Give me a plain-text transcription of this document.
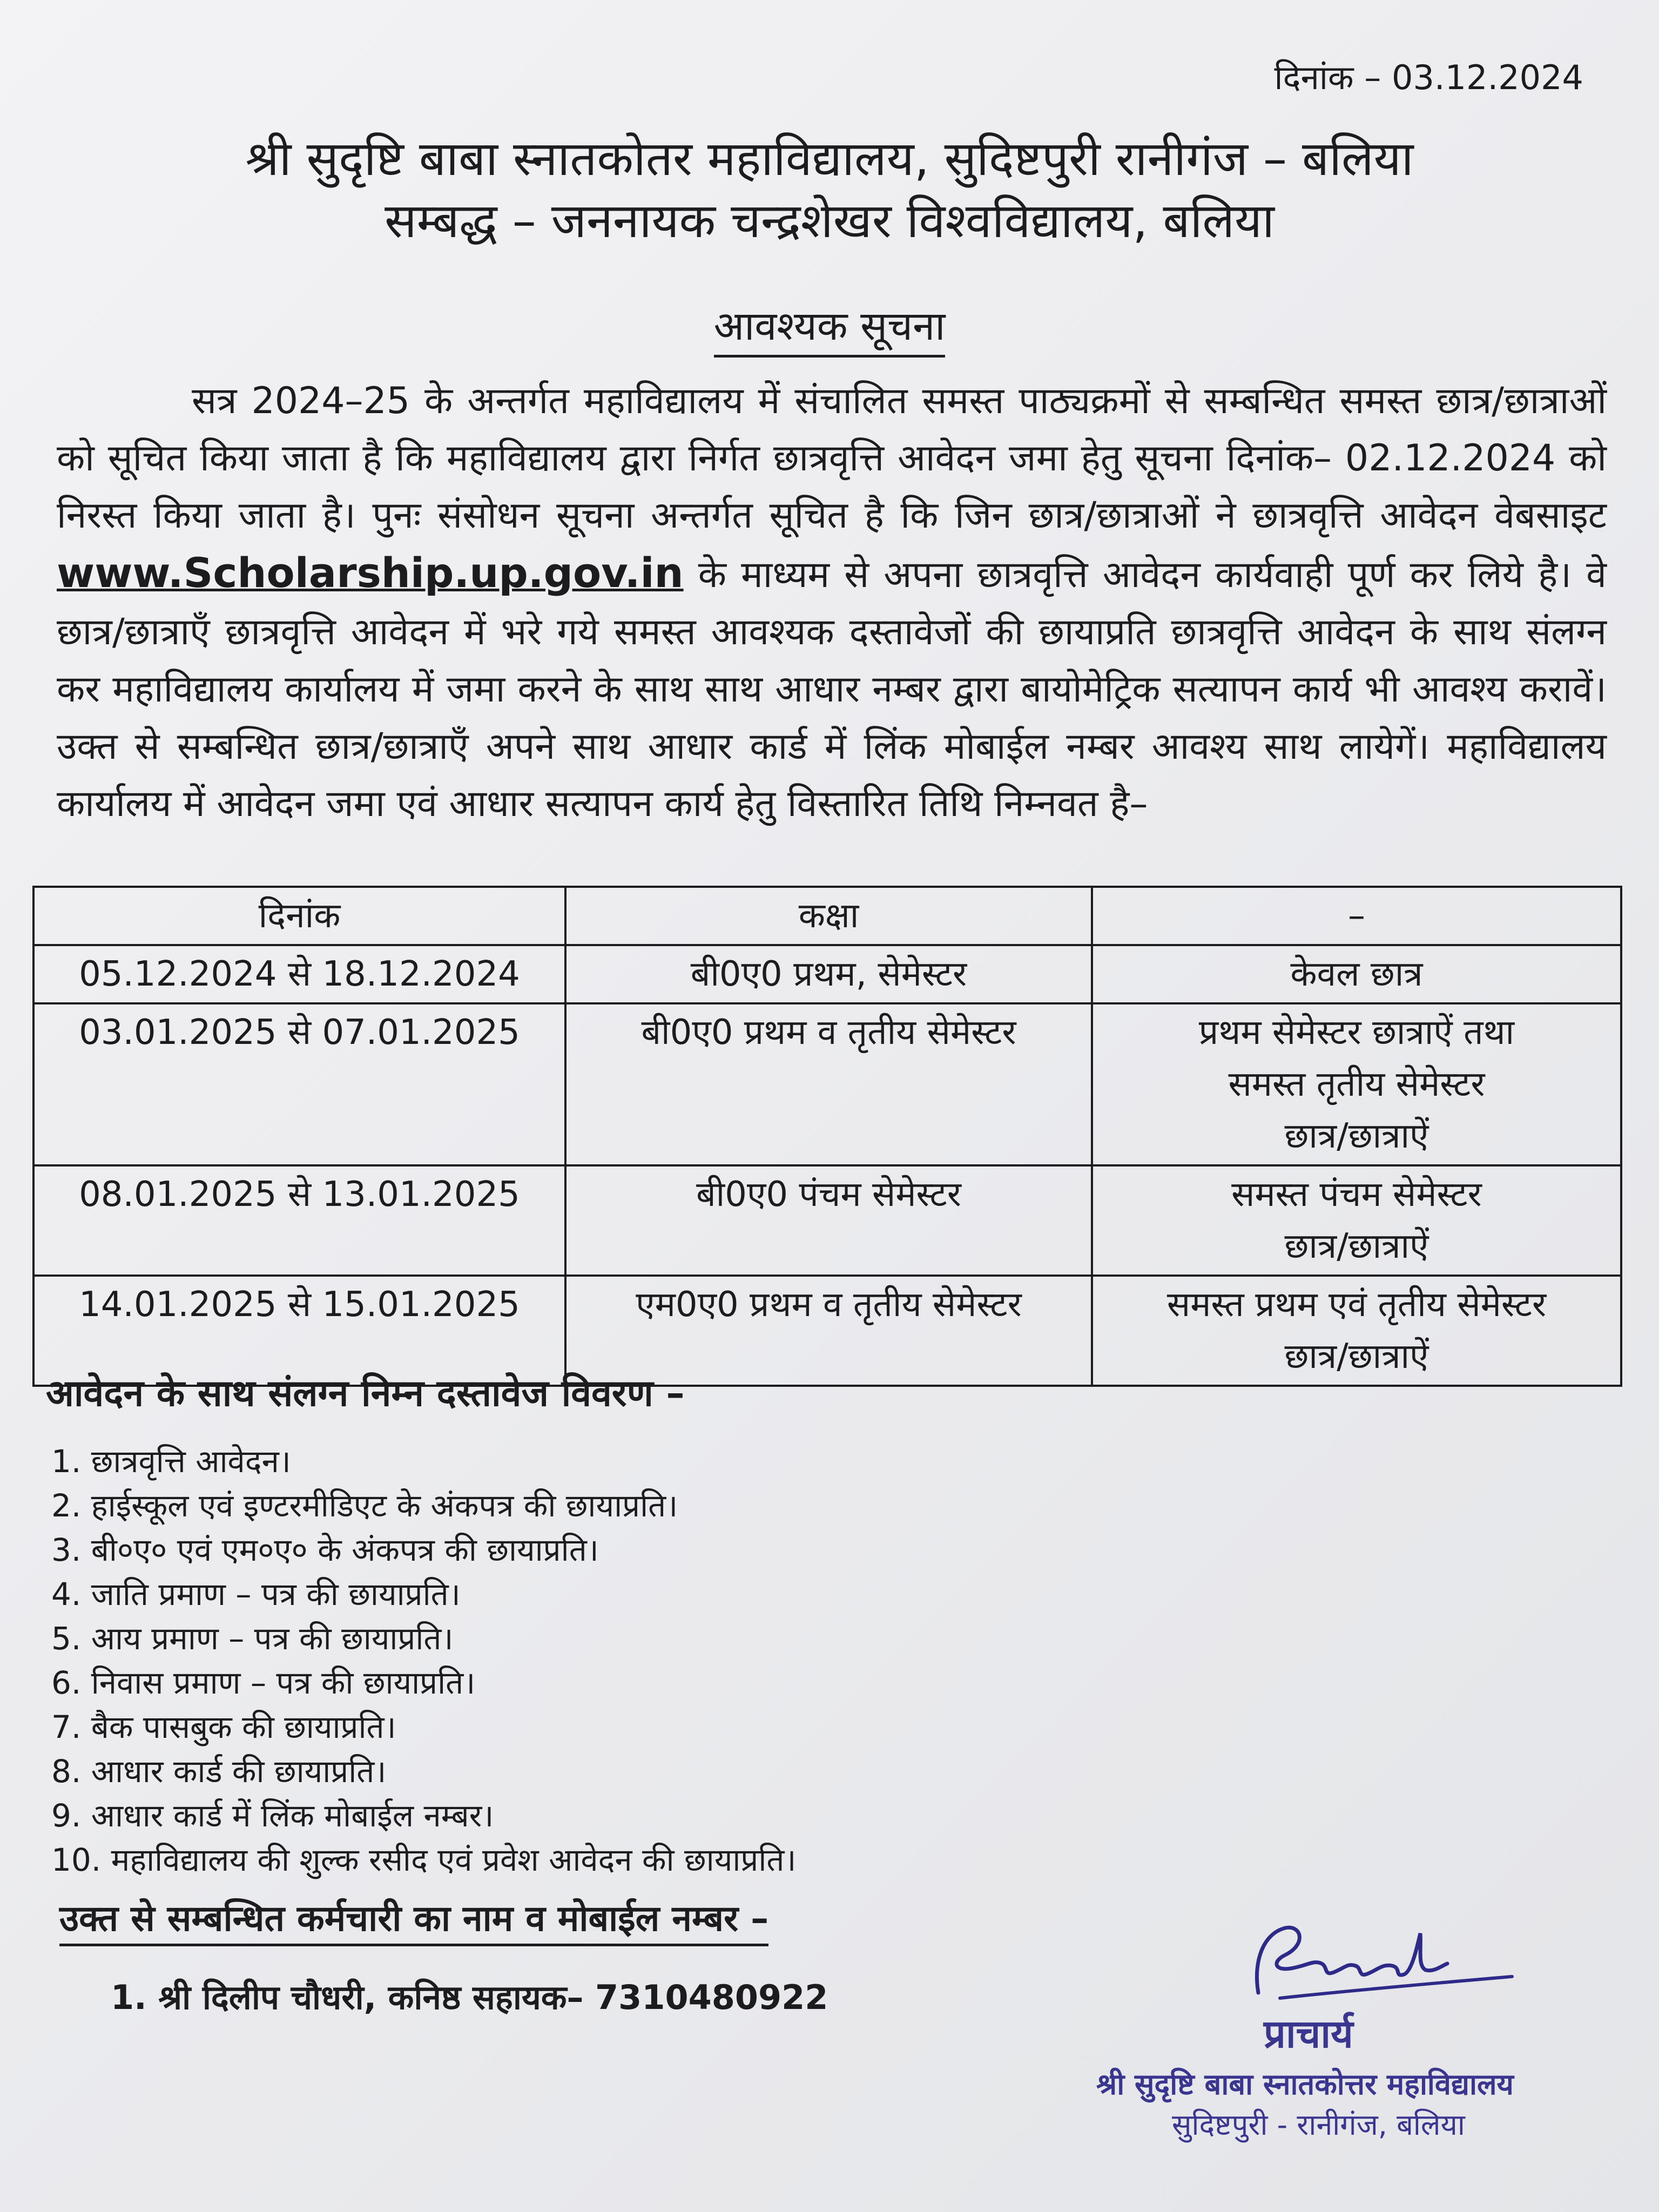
दिनांक – 03.12.2024
श्री सुदृष्टि बाबा स्नातकोतर महाविद्यालय, सुदिष्टपुरी रानीगंज – बलिया
सम्बद्ध – जननायक चन्द्रशेखर विश्वविद्यालय, बलिया
आवश्यक सूचना
सत्र 2024–25 के अन्तर्गत महाविद्यालय में संचालित समस्त पाठ्यक्रमों से सम्बन्धित समस्त छात्र/छात्राओं को सूचित किया जाता है कि महाविद्यालय द्वारा निर्गत छात्रवृत्ति आवेदन जमा हेतु सूचना दिनांक– 02.12.2024 को निरस्त किया जाता है। पुनः संसोधन सूचना अन्तर्गत सूचित है कि जिन छात्र/छात्राओं ने छात्रवृत्ति आवेदन वेबसाइट www.Scholarship.up.gov.in के माध्यम से अपना छात्रवृत्ति आवेदन कार्यवाही पूर्ण कर लिये है। वे छात्र/छात्राएँ छात्रवृत्ति आवेदन में भरे गये समस्त आवश्यक दस्तावेजों की छायाप्रति छात्रवृत्ति आवेदन के साथ संलग्न कर महाविद्यालय कार्यालय में जमा करने के साथ साथ आधार नम्बर द्वारा बायोमेट्रिक सत्यापन कार्य भी आवश्य करावें। उक्त से सम्बन्धित छात्र/छात्राएँ अपने साथ आधार कार्ड में लिंक मोबाईल नम्बर आवश्य साथ लायेगें। महाविद्यालय कार्यालय में आवेदन जमा एवं आधार सत्यापन कार्य हेतु विस्तारित तिथि निम्नवत है–
दिनांक	कक्षा	–
05.12.2024 से 18.12.2024	बी0ए0 प्रथम, सेमेस्टर	केवल छात्र

03.01.2025 से 07.01.2025	बी0ए0 प्रथम व तृतीय सेमेस्टर	प्रथम सेमेस्टर छात्राऐं तथा
समस्त तृतीय सेमेस्टर
छात्र/छात्राऐं

08.01.2025 से 13.01.2025	बी0ए0 पंचम सेमेस्टर	समस्त पंचम सेमेस्टर
छात्र/छात्राऐं

14.01.2025 से 15.01.2025	एम0ए0 प्रथम व तृतीय सेमेस्टर	समस्त प्रथम एवं तृतीय सेमेस्टर
छात्र/छात्राऐं
आवेदन के साथ संलग्न निम्न दस्तावेज विवरण –
1. छात्रवृत्ति आवेदन।
2. हाईस्कूल एवं इण्टरमीडिएट के अंकपत्र की छायाप्रति।
3. बी०ए० एवं एम०ए० के अंकपत्र की छायाप्रति।
4. जाति प्रमाण – पत्र की छायाप्रति।
5. आय प्रमाण – पत्र की छायाप्रति।
6. निवास प्रमाण – पत्र की छायाप्रति।
7. बैक पासबुक की छायाप्रति।
8. आधार कार्ड की छायाप्रति।
9. आधार कार्ड में लिंक मोबाईल नम्बर।
10. महाविद्यालय की शुल्क रसीद एवं प्रवेश आवेदन की छायाप्रति।
उक्त से सम्बन्धित कर्मचारी का नाम व मोबाईल नम्बर –
1. श्री दिलीप चौधरी, कनिष्ठ सहायक– 7310480922
प्राचार्य
श्री सुदृष्टि बाबा स्नातकोत्तर महाविद्यालय
सुदिष्टपुरी - रानीगंज, बलिया
